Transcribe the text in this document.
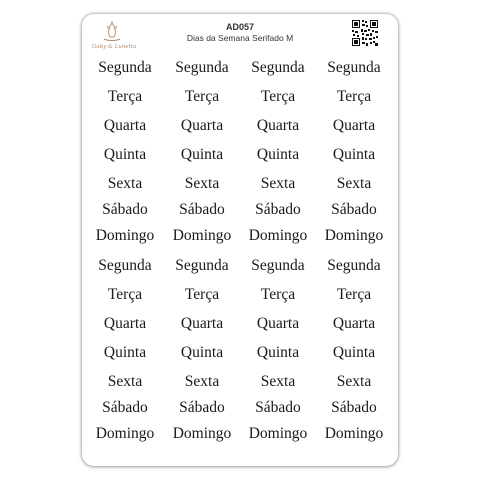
Gaby & Lunetta
AD057
Dias da Semana Serifado M
Segunda	Segunda	Segunda	Segunda
Terça	Terça	Terça	Terça
Quarta	Quarta	Quarta	Quarta
Quinta	Quinta	Quinta	Quinta
Sexta	Sexta	Sexta	Sexta
Sábado	Sábado	Sábado	Sábado
Domingo	Domingo	Domingo	Domingo
Segunda	Segunda	Segunda	Segunda
Terça	Terça	Terça	Terça
Quarta	Quarta	Quarta	Quarta
Quinta	Quinta	Quinta	Quinta
Sexta	Sexta	Sexta	Sexta
Sábado	Sábado	Sábado	Sábado
Domingo	Domingo	Domingo	Domingo
